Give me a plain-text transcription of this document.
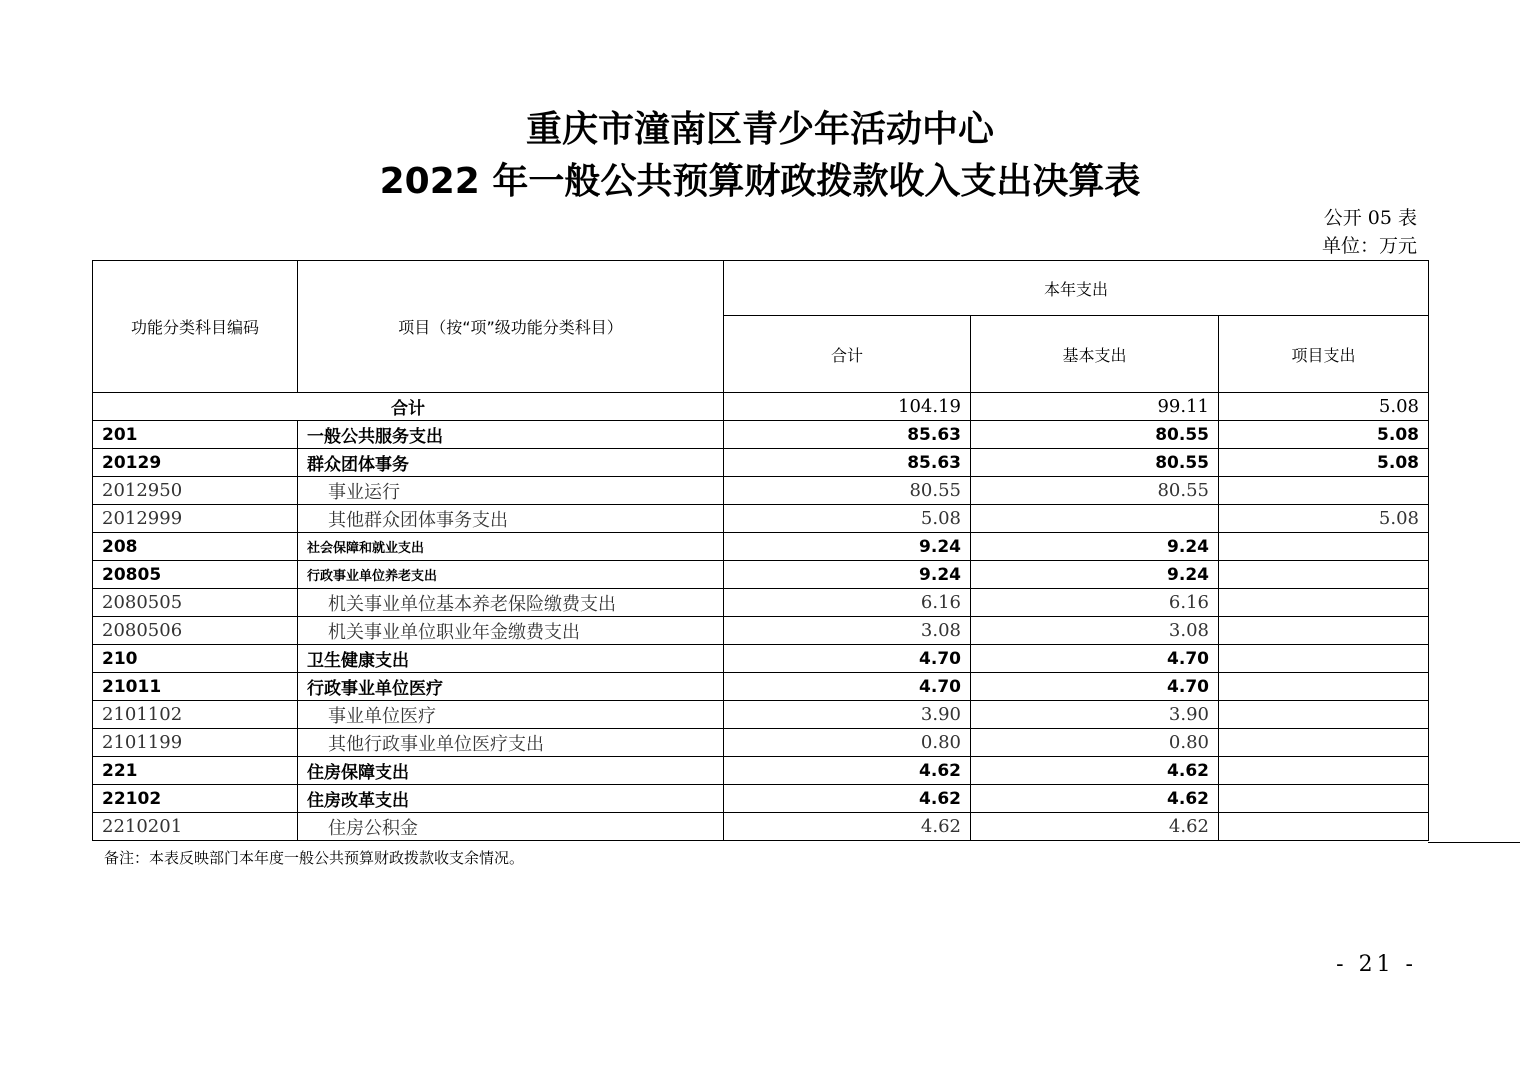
重庆市潼南区青少年活动中心
2022 年一般公共预算财政拨款收入支出决算表
公开 05 表
单位：万元
功能分类科目编码	项目（按“项”级功能分类科目）	本年支出		
		合计	基本支出	项目支出
合计		104.19	99.11	5.08
201	一般公共服务支出	85.63	80.55	5.08
20129	群众团体事务	85.63	80.55	5.08
2012950	事业运行	80.55	80.55	
2012999	其他群众团体事务支出	5.08		5.08
208	社会保障和就业支出	9.24	9.24	
20805	行政事业单位养老支出	9.24	9.24	
2080505	机关事业单位基本养老保险缴费支出	6.16	6.16	
2080506	机关事业单位职业年金缴费支出	3.08	3.08	
210	卫生健康支出	4.70	4.70	
21011	行政事业单位医疗	4.70	4.70	
2101102	事业单位医疗	3.90	3.90	
2101199	其他行政事业单位医疗支出	0.80	0.80	
221	住房保障支出	4.62	4.62	
22102	住房改革支出	4.62	4.62	
2210201	住房公积金	4.62	4.62	
备注：本表反映部门本年度一般公共预算财政拨款收支余情况。
- 21 -
